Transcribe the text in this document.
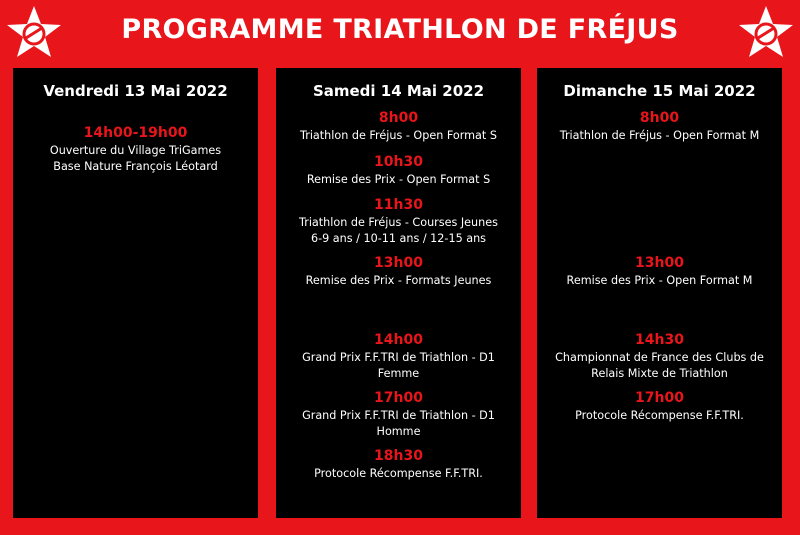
PROGRAMME TRIATHLON DE FRÉJUS
Vendredi 13 Mai 2022
14h00-19h00
Ouverture du Village TriGames
Base Nature François Léotard
Samedi 14 Mai 2022
8h00
Triathlon de Fréjus - Open Format S
10h30
Remise des Prix - Open Format S
11h30
Triathlon de Fréjus - Courses Jeunes
6-9 ans / 10-11 ans / 12-15 ans
13h00
Remise des Prix - Formats Jeunes
14h00
Grand Prix F.F.TRI de Triathlon - D1
Femme
17h00
Grand Prix F.F.TRI de Triathlon - D1
Homme
18h30
Protocole Récompense F.F.TRI.
Dimanche 15 Mai 2022
8h00
Triathlon de Fréjus - Open Format M
13h00
Remise des Prix - Open Format M
14h30
Championnat de France des Clubs de
Relais Mixte de Triathlon
17h00
Protocole Récompense F.F.TRI.
